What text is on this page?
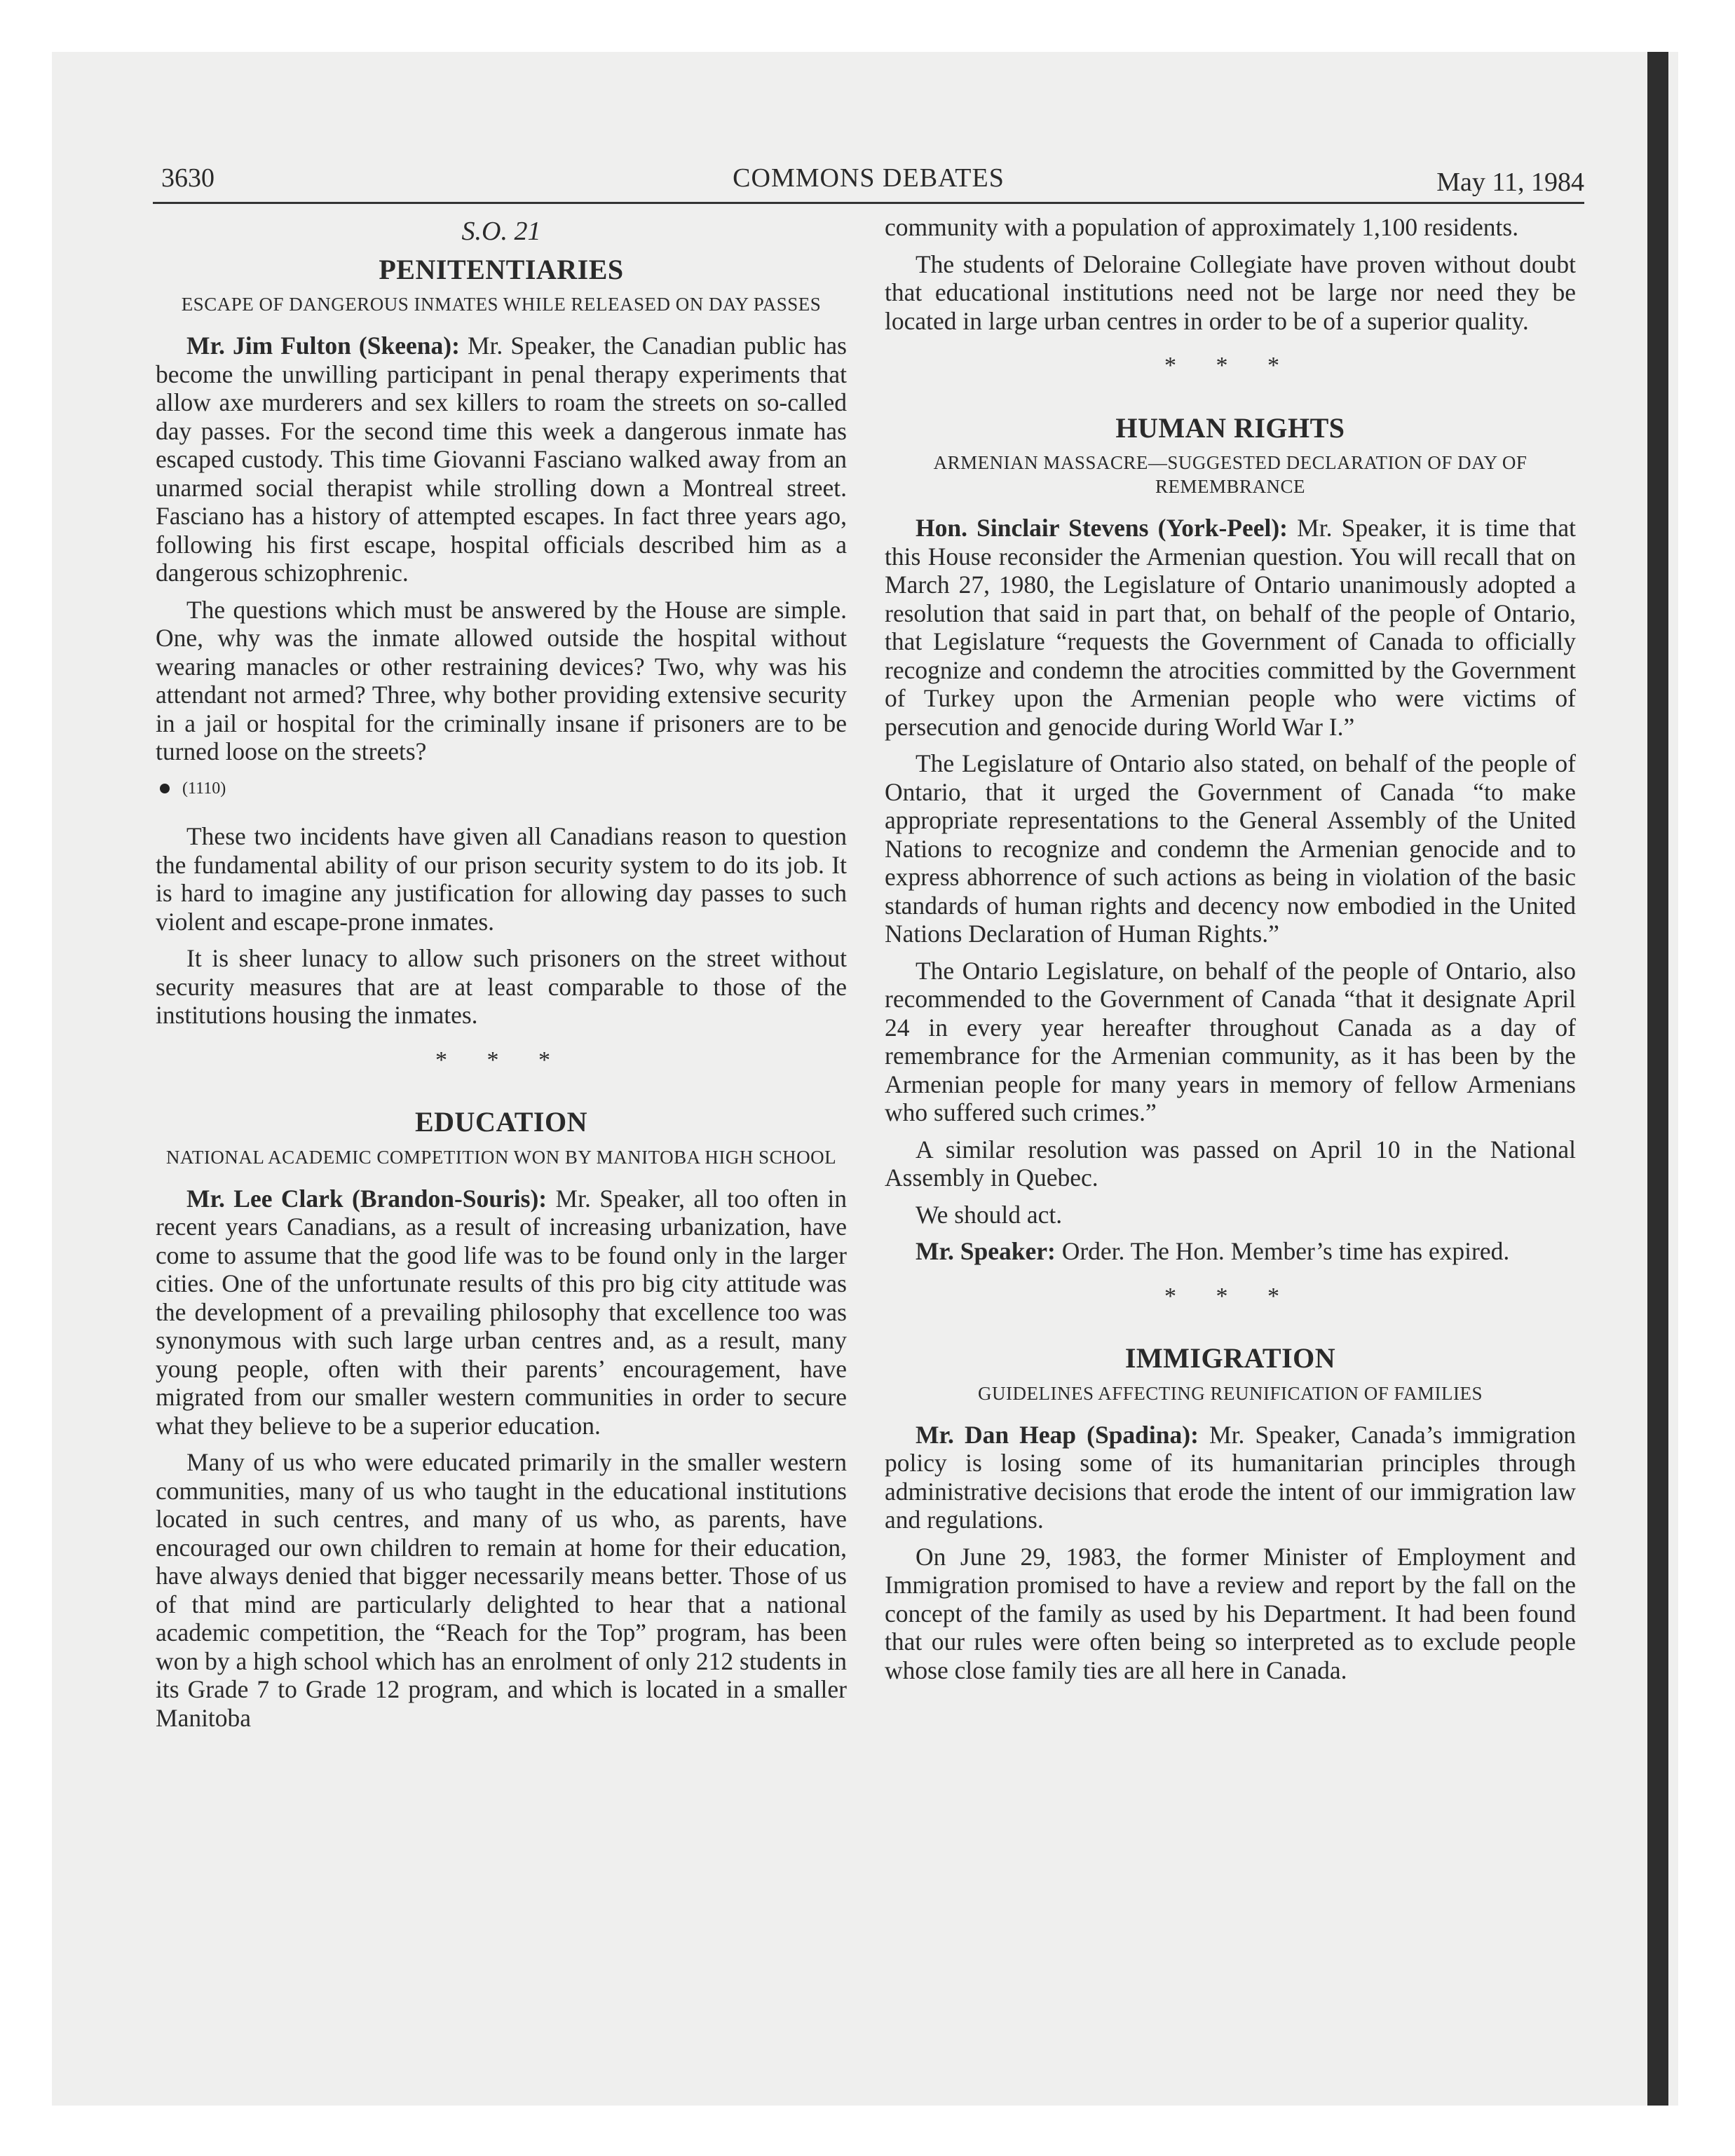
3630	COMMONS DEBATES	May 11, 1984
S.O. 21
PENITENTIARIES
ESCAPE OF DANGEROUS INMATES WHILE RELEASED ON DAY PASSES

Mr. Jim Fulton (Skeena): Mr. Speaker, the Canadian public has become the unwilling participant in penal therapy experiments that allow axe murderers and sex killers to roam the streets on so-called day passes. For the second time this week a dangerous inmate has escaped custody. This time Giovanni Fasciano walked away from an unarmed social therapist while strolling down a Montreal street. Fasciano has a history of attempted escapes. In fact three years ago, following his first escape, hospital officials described him as a dangerous schizophrenic.

The questions which must be answered by the House are simple. One, why was the inmate allowed outside the hospital without wearing manacles or other restraining devices? Two, why was his attendant not armed? Three, why bother providing extensive security in a jail or hospital for the criminally insane if prisoners are to be turned loose on the streets?

(1110)

These two incidents have given all Canadians reason to question the fundamental ability of our prison security system to do its job. It is hard to imagine any justification for allowing day passes to such violent and escape-prone inmates.

It is sheer lunacy to allow such prisoners on the street without security measures that are at least comparable to those of the institutions housing the inmates.

* * *
EDUCATION
NATIONAL ACADEMIC COMPETITION WON BY MANITOBA HIGH SCHOOL

Mr. Lee Clark (Brandon-Souris): Mr. Speaker, all too often in recent years Canadians, as a result of increasing urbanization, have come to assume that the good life was to be found only in the larger cities. One of the unfortunate results of this pro big city attitude was the development of a prevailing philosophy that excellence too was synonymous with such large urban centres and, as a result, many young people, often with their parents’ encouragement, have migrated from our smaller western communities in order to secure what they believe to be a superior education.

Many of us who were educated primarily in the smaller western communities, many of us who taught in the educational institutions located in such centres, and many of us who, as parents, have encouraged our own children to remain at home for their education, have always denied that bigger necessarily means better. Those of us of that mind are particularly delighted to hear that a national academic competition, the “Reach for the Top” program, has been won by a high school which has an enrolment of only 212 students in its Grade 7 to Grade 12 program, and which is located in a smaller Manitoba

community with a population of approximately 1,100 residents.

The students of Deloraine Collegiate have proven without doubt that educational institutions need not be large nor need they be located in large urban centres in order to be of a superior quality.

* * *
HUMAN RIGHTS
ARMENIAN MASSACRE—SUGGESTED DECLARATION OF DAY OF REMEMBRANCE

Hon. Sinclair Stevens (York-Peel): Mr. Speaker, it is time that this House reconsider the Armenian question. You will recall that on March 27, 1980, the Legislature of Ontario unanimously adopted a resolution that said in part that, on behalf of the people of Ontario, that Legislature “requests the Government of Canada to officially recognize and condemn the atrocities committed by the Government of Turkey upon the Armenian people who were victims of persecution and genocide during World War I.”

The Legislature of Ontario also stated, on behalf of the people of Ontario, that it urged the Government of Canada “to make appropriate representations to the General Assembly of the United Nations to recognize and condemn the Armenian genocide and to express abhorrence of such actions as being in violation of the basic standards of human rights and decency now embodied in the United Nations Declaration of Human Rights.”

The Ontario Legislature, on behalf of the people of Ontario, also recommended to the Government of Canada “that it designate April 24 in every year hereafter throughout Canada as a day of remembrance for the Armenian community, as it has been by the Armenian people for many years in memory of fellow Armenians who suffered such crimes.”

A similar resolution was passed on April 10 in the National Assembly in Quebec.

We should act.

Mr. Speaker: Order. The Hon. Member’s time has expired.

* * *
IMMIGRATION
GUIDELINES AFFECTING REUNIFICATION OF FAMILIES

Mr. Dan Heap (Spadina): Mr. Speaker, Canada’s immigration policy is losing some of its humanitarian principles through administrative decisions that erode the intent of our immigration law and regulations.

On June 29, 1983, the former Minister of Employment and Immigration promised to have a review and report by the fall on the concept of the family as used by his Department. It had been found that our rules were often being so interpreted as to exclude people whose close family ties are all here in Canada.
